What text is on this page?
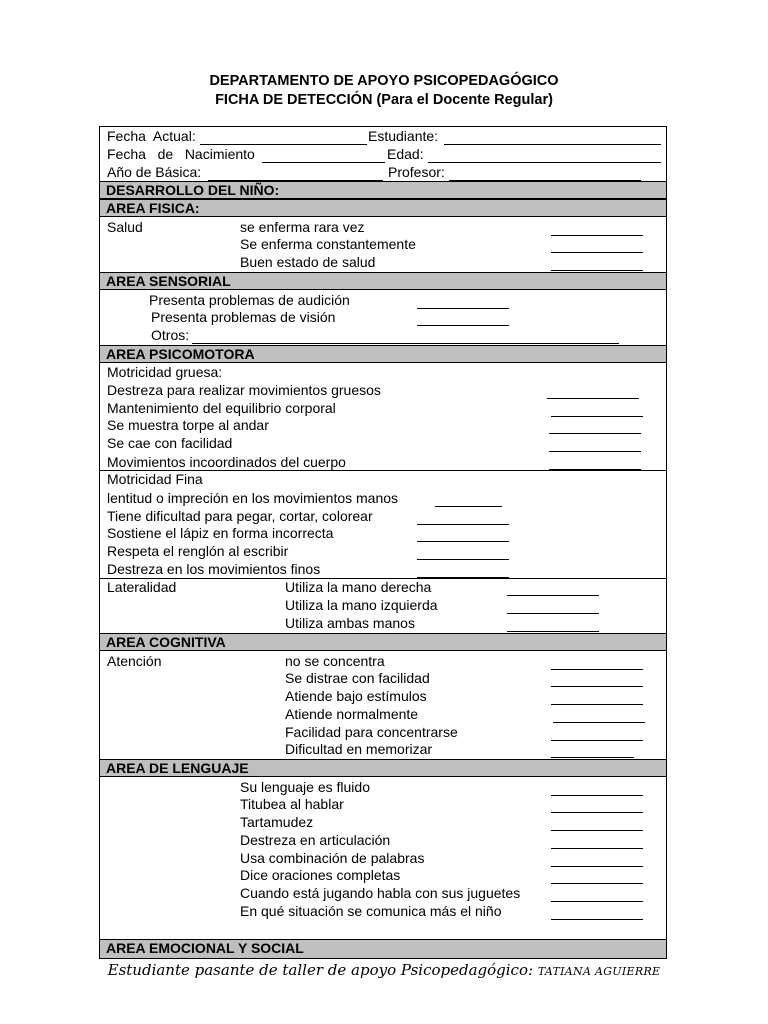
DEPARTAMENTO DE APOYO PSICOPEDAGÓGICO
FICHA DE DETECCIÓN (Para el Docente Regular)
Fecha  Actual:	Estudiante:
Fecha   de   Nacimiento	Edad:
Año de Básica:	Profesor:
DESARROLLO DEL NIÑO:
AREA FISICA:
Salud	se enferma rara vez
Se enferma constantemente
Buen estado de salud
AREA SENSORIAL
Presenta problemas de audición
Presenta problemas de visión
Otros:
AREA PSICOMOTORA
Motricidad gruesa:
Destreza para realizar movimientos gruesos
Mantenimiento del equilibrio corporal
Se muestra torpe al andar
Se cae con facilidad
Movimientos incoordinados del cuerpo
Motricidad Fina
lentitud o impreción en los movimientos manos
Tiene dificultad para pegar, cortar, colorear
Sostiene el lápiz en forma incorrecta
Respeta el renglón al escribir
Destreza en los movimientos finos
Lateralidad	Utiliza la mano derecha
Utiliza la mano izquierda
Utiliza ambas manos
AREA COGNITIVA
Atención	no se concentra
Se distrae con facilidad
Atiende bajo estímulos
Atiende normalmente
Facilidad para concentrarse
Dificultad en memorizar
AREA DE LENGUAJE
Su lenguaje es fluido
Titubea al hablar
Tartamudez
Destreza en articulación
Usa combinación de palabras
Dice oraciones completas
Cuando está jugando habla con sus juguetes
En qué situación se comunica más el niño
AREA EMOCIONAL Y SOCIAL
Estudiante pasante de taller de apoyo Psicopedagógico: TATIANA AGUIERRE
